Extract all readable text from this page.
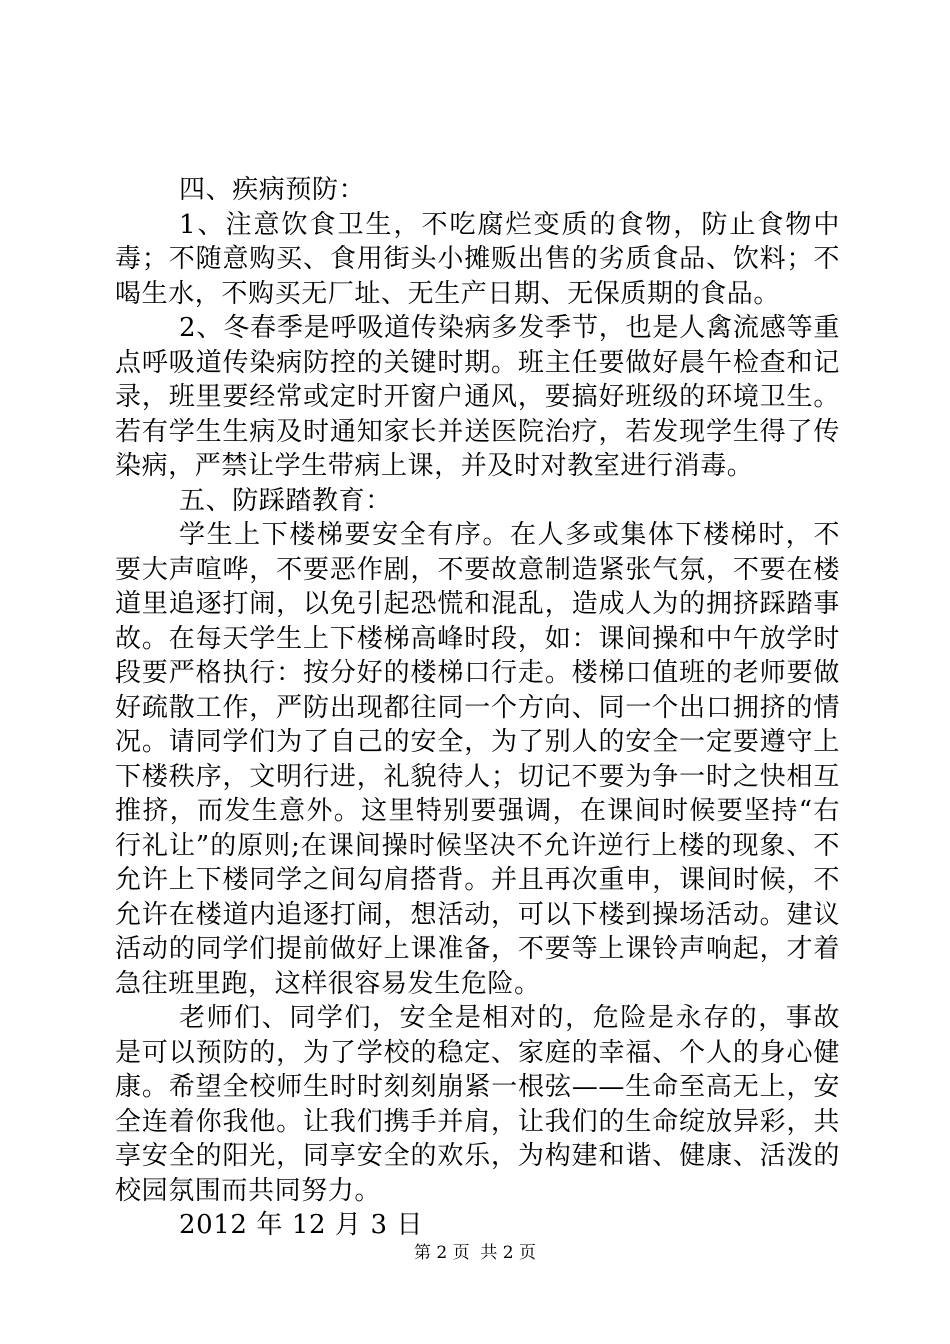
四、疾病预防：

1、注意饮食卫生，不吃腐烂变质的食物，防止食物中毒；不随意购买、食用街头小摊贩出售的劣质食品、饮料；不喝生水，不购买无厂址、无生产日期、无保质期的食品。

2、冬春季是呼吸道传染病多发季节，也是人禽流感等重点呼吸道传染病防控的关键时期。班主任要做好晨午检查和记录，班里要经常或定时开窗户通风，要搞好班级的环境卫生。若有学生生病及时通知家长并送医院治疗，若发现学生得了传染病，严禁让学生带病上课，并及时对教室进行消毒。

五、防踩踏教育：

学生上下楼梯要安全有序。在人多或集体下楼梯时，不要大声喧哗，不要恶作剧，不要故意制造紧张气氛，不要在楼道里追逐打闹，以免引起恐慌和混乱，造成人为的拥挤踩踏事故。在每天学生上下楼梯高峰时段，如：课间操和中午放学时段要严格执行：按分好的楼梯口行走。楼梯口值班的老师要做好疏散工作，严防出现都往同一个方向、同一个出口拥挤的情况。请同学们为了自己的安全，为了别人的安全一定要遵守上下楼秩序，文明行进，礼貌待人；切记不要为争一时之快相互推挤，而发生意外。这里特别要强调，在课间时候要坚持“右行礼让”的原则;在课间操时候坚决不允许逆行上楼的现象、不允许上下楼同学之间勾肩搭背。并且再次重申，课间时候，不允许在楼道内追逐打闹，想活动，可以下楼到操场活动。建议活动的同学们提前做好上课准备，不要等上课铃声响起，才着急往班里跑，这样很容易发生危险。

老师们、同学们，安全是相对的，危险是永存的，事故是可以预防的，为了学校的稳定、家庭的幸福、个人的身心健康。希望全校师生时时刻刻崩紧一根弦——生命至高无上，安全连着你我他。让我们携手并肩，让我们的生命绽放异彩，共享安全的阳光，同享安全的欢乐，为构建和谐、健康、活泼的校园氛围而共同努力。

2012 年 12 月 3 日

第 2 页  共 2 页
